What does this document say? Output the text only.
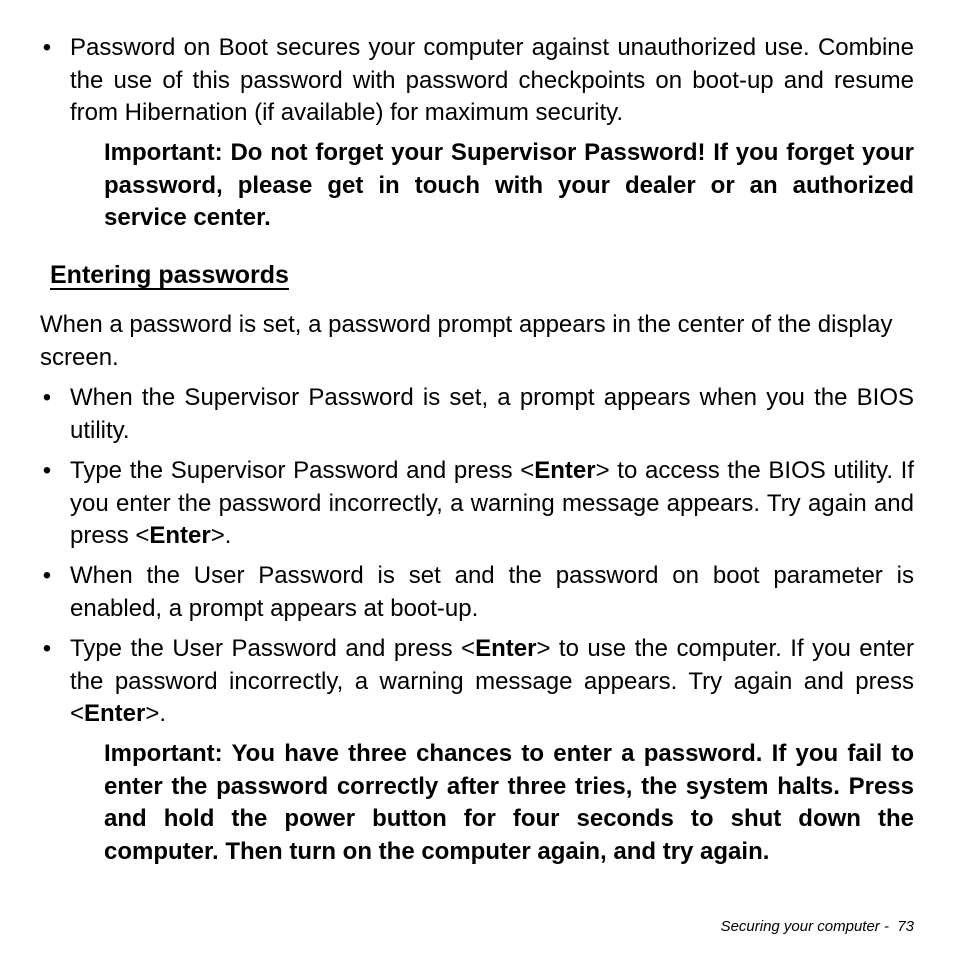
• Password on Boot secures your computer against unauthorized use. Combine the use of this password with password checkpoints on boot-up and resume from Hibernation (if available) for maximum security.
Important: Do not forget your Supervisor Password! If you forget your password, please get in touch with your dealer or an authorized service center.
Entering passwords
When a password is set, a password prompt appears in the center of the display screen.
• When the Supervisor Password is set, a prompt appears when you the BIOS utility.
• Type the Supervisor Password and press <Enter> to access the BIOS utility. If you enter the password incorrectly, a warning message appears. Try again and press <Enter>.
• When the User Password is set and the password on boot parameter is enabled, a prompt appears at boot-up.
• Type the User Password and press <Enter> to use the computer. If you enter the password incorrectly, a warning message appears. Try again and press <Enter>.
Important: You have three chances to enter a password. If you fail to enter the password correctly after three tries, the system halts. Press and hold the power button for four seconds to shut down the computer. Then turn on the computer again, and try again.
Securing your computer - 73
